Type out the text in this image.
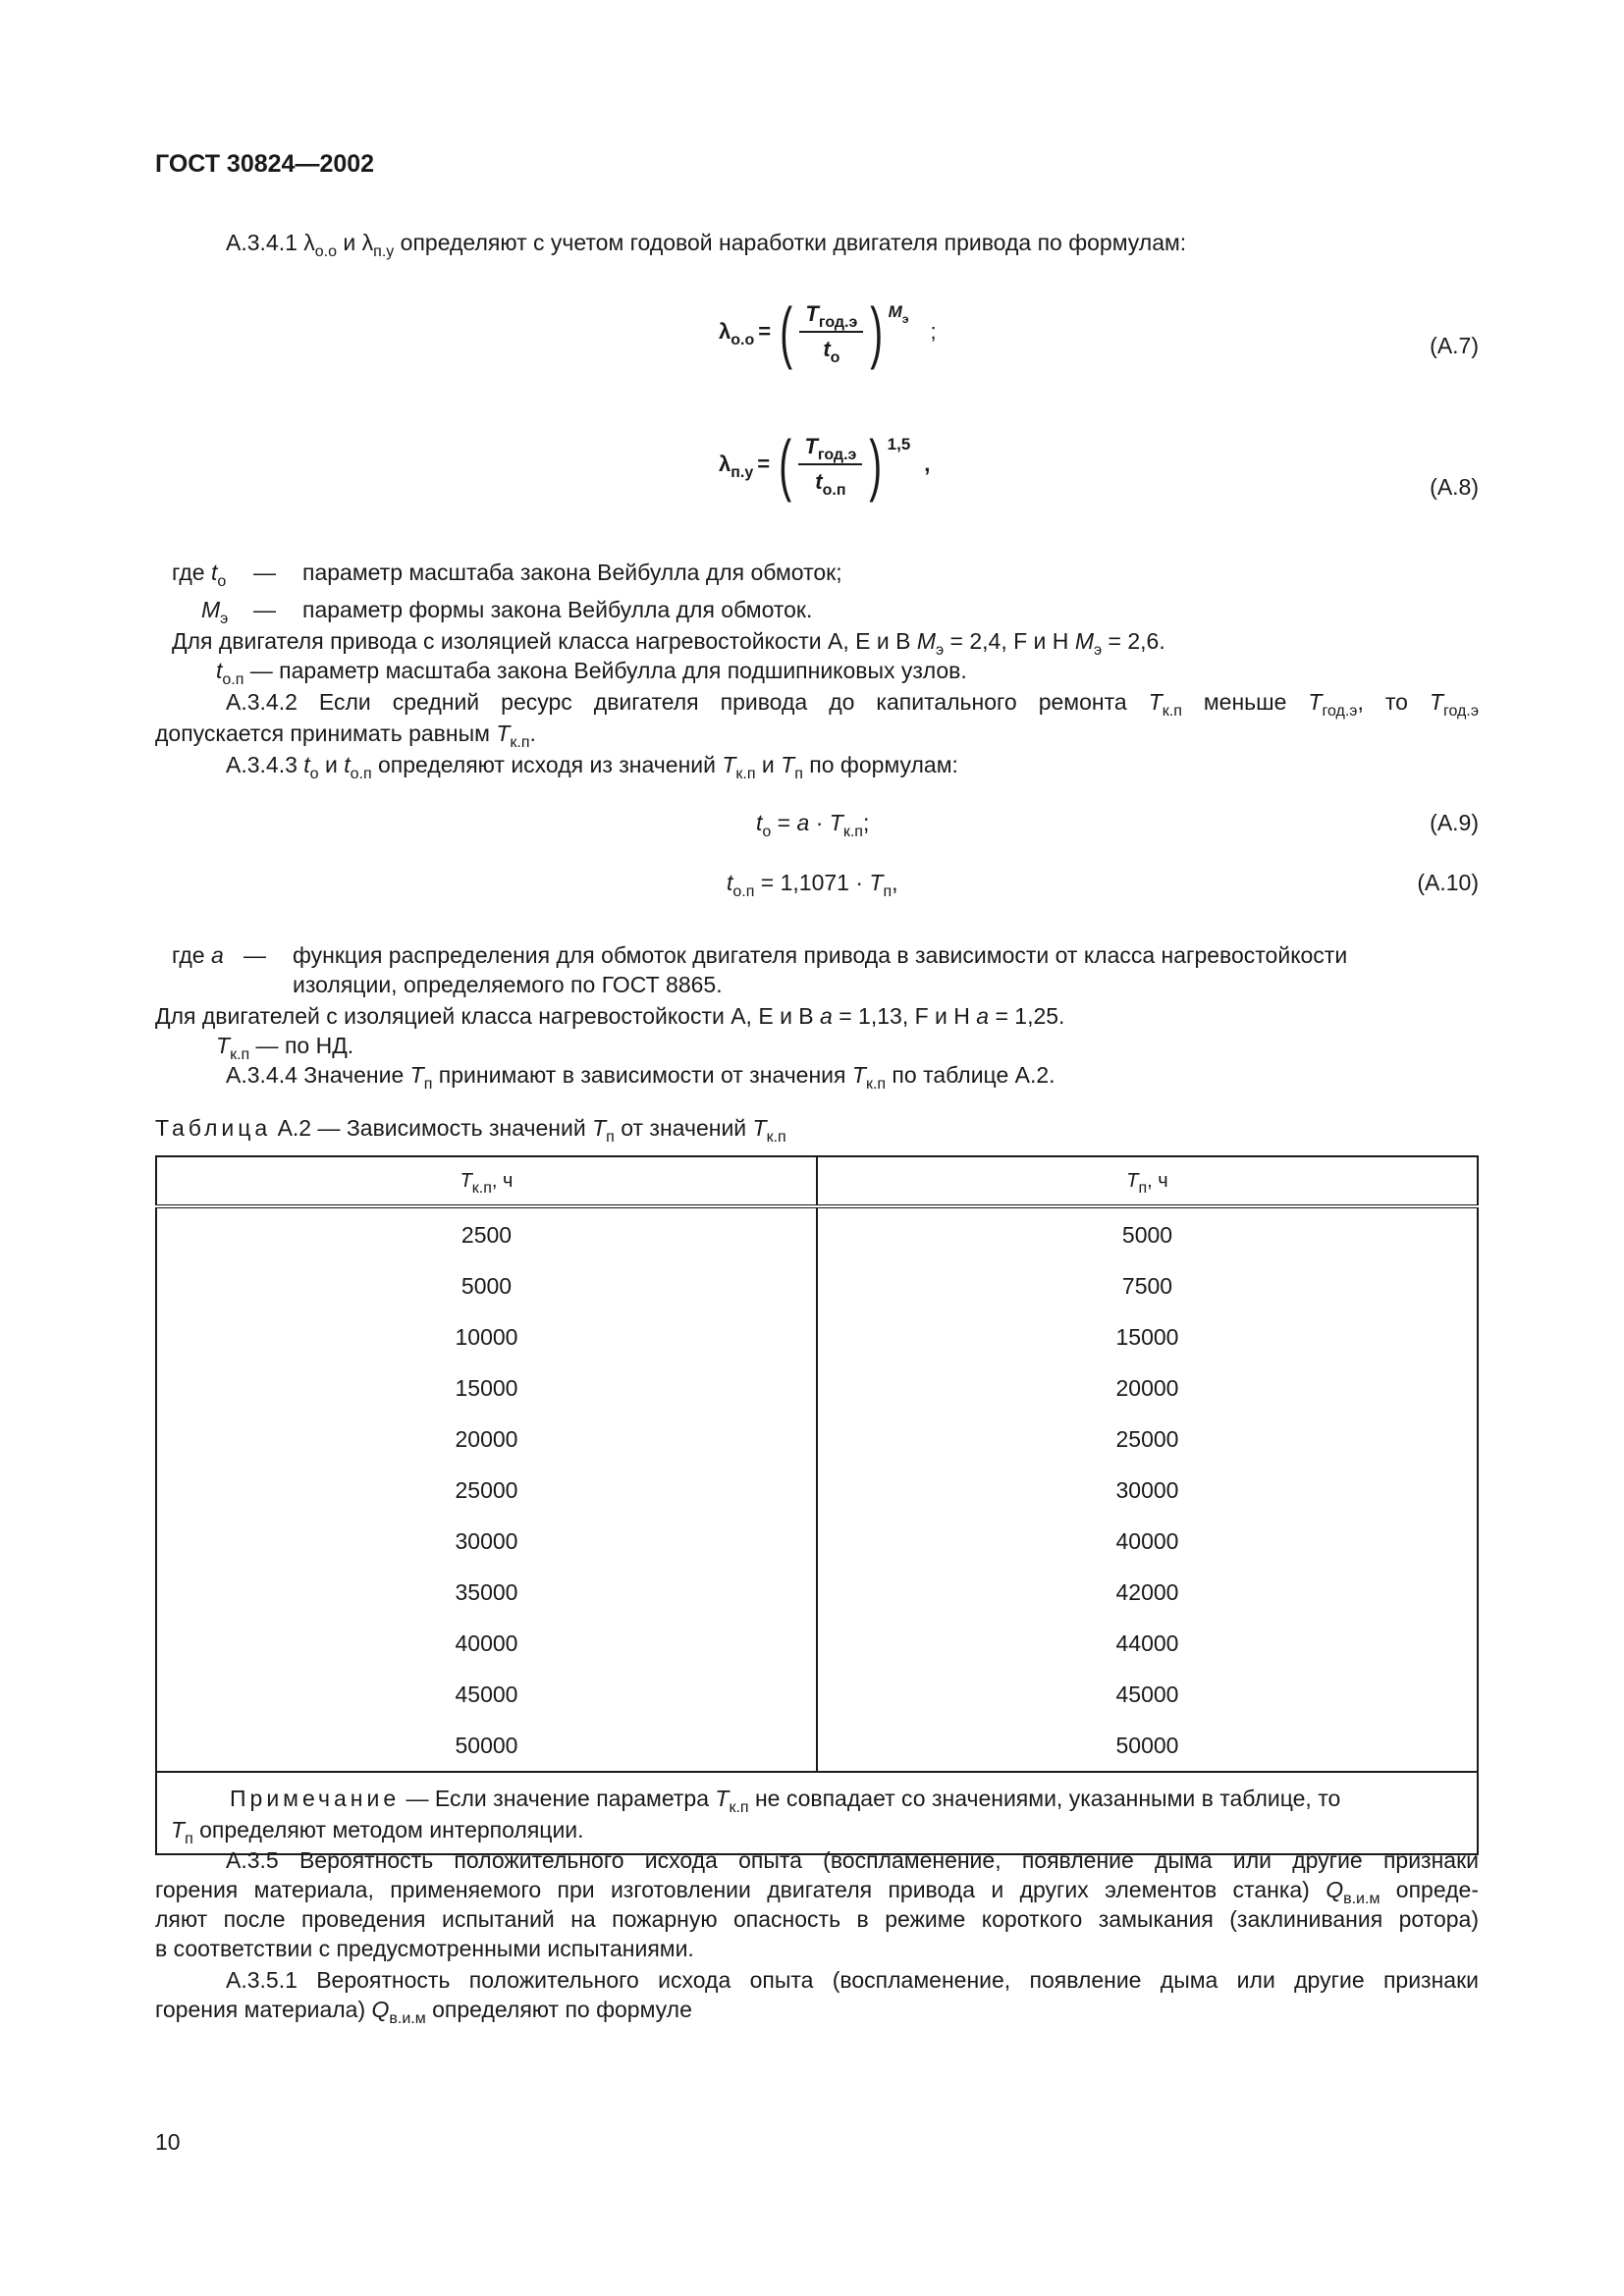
ГОСТ 30824—2002
А.3.4.1 $\lambda_{о.о}$ и $\lambda_{п.у}$ определяют с учетом годовой наработки двигателя привода по формулам:
$\lambda_{о.о}$ = ( $\frac{T_{год.э}}{t_о}$ ) $M_э$ ;
(А.7)
$\lambda_{п.у}$ = ( $\frac{T_{год.э}}{t_{о.п}}$ ) 1,5
,
(А.8)
где $t_о$ — параметр масштаба закона Вейбулла для обмоток;
$M_э$ — параметр формы закона Вейбулла для обмоток.
Для двигателя привода с изоляцией класса нагревостойкости А, Е и В $M_э = 2,4$, F и Н $M_э = 2,6$.
$t_{о.п}$ — параметр масштаба закона Вейбулла для подшипниковых узлов.
А.3.4.2 Если средний ресурс двигателя привода до капитального ремонта $T_{к.п}$ меньше $T_{год.э}$, то $T_{год.э}$
допускается принимать равным $T_{к.п}$.
А.3.4.3 $t_о$ и $t_{о.п}$ определяют исходя из значений $T_{к.п}$ и $T_п$ по формулам:
$t_о = a \cdot T_{к.п}$;	(А.9)
$t_{о.п} = 1,1071 \cdot T_п$,	(А.10)
где a — функция распределения для обмоток двигателя привода в зависимости от класса нагревостойкости
изоляции, определяемого по ГОСТ 8865.
Для двигателей с изоляцией класса нагревостойкости А, Е и В a = 1,13, F и Н a = 1,25.
$T_{к.п}$ — по НД.
А.3.4.4 Значение $T_п$ принимают в зависимости от значения $T_{к.п}$ по таблице А.2.
Таблица А.2 — Зависимость значений $T_п$ от значений $T_{к.п}$
$T_{к.п}$, ч	$T_п$, ч
2500	5000
5000	7500
10000	15000
15000	20000
20000	25000
25000	30000
30000	40000
35000	42000
40000	44000
45000	45000
50000	50000
Примечание — Если значение параметра $T_{к.п}$ не совпадает со значениями, указанными в таблице, то
$T_п$ определяют методом интерполяции.	
А.3.5 Вероятность положительного исхода опыта (воспламенение, появление дыма или другие признаки
горения материала, применяемого при изготовлении двигателя привода и других элементов станка) $Q_{в.и.м}$ опреде-
ляют после проведения испытаний на пожарную опасность в режиме короткого замыкания (заклинивания ротора)
в соответствии с предусмотренными испытаниями.
А.3.5.1 Вероятность положительного исхода опыта (воспламенение, появление дыма или другие признаки
горения материала) $Q_{в.и.м}$ определяют по формуле
10
